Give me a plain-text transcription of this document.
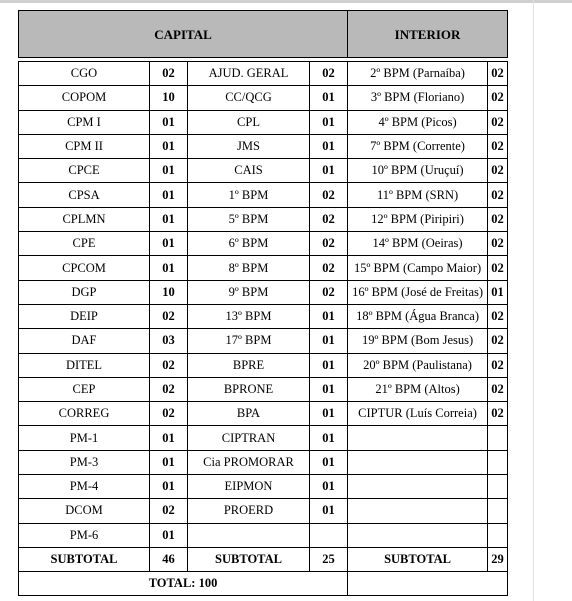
CAPITAL				INTERIOR	

CGO	02	AJUD. GERAL	02	2º BPM (Parnaíba)	02
COPOM	10	CC/QCG	01	3º BPM (Floriano)	02
CPM I	01	CPL	01	4º BPM (Picos)	02
CPM II	01	JMS	01	7º BPM (Corrente)	02
CPCE	01	CAIS	01	10º BPM (Uruçuí)	02
CPSA	01	1º BPM	02	11º BPM (SRN)	02
CPLMN	01	5º BPM	02	12º BPM (Piripiri)	02
CPE	01	6º BPM	02	14º BPM (Oeiras)	02
CPCOM	01	8º BPM	02	15º BPM (Campo Maior)	02
DGP	10	9º BPM	02	16º BPM (José de Freitas)	01
DEIP	02	13º BPM	01	18º BPM (Água Branca)	02
DAF	03	17º BPM	01	19º BPM (Bom Jesus)	02
DITEL	02	BPRE	01	20º BPM (Paulistana)	02
CEP	02	BPRONE	01	21º BPM (Altos)	02
CORREG	02	BPA	01	CIPTUR (Luís Correia)	02
PM-1	01	CIPTRAN	01		
PM-3	01	Cia PROMORAR	01		
PM-4	01	EIPMON	01		
DCOM	02	PROERD	01		
PM-6	01				
SUBTOTAL	46	SUBTOTAL	25	SUBTOTAL	29
TOTAL: 100					
